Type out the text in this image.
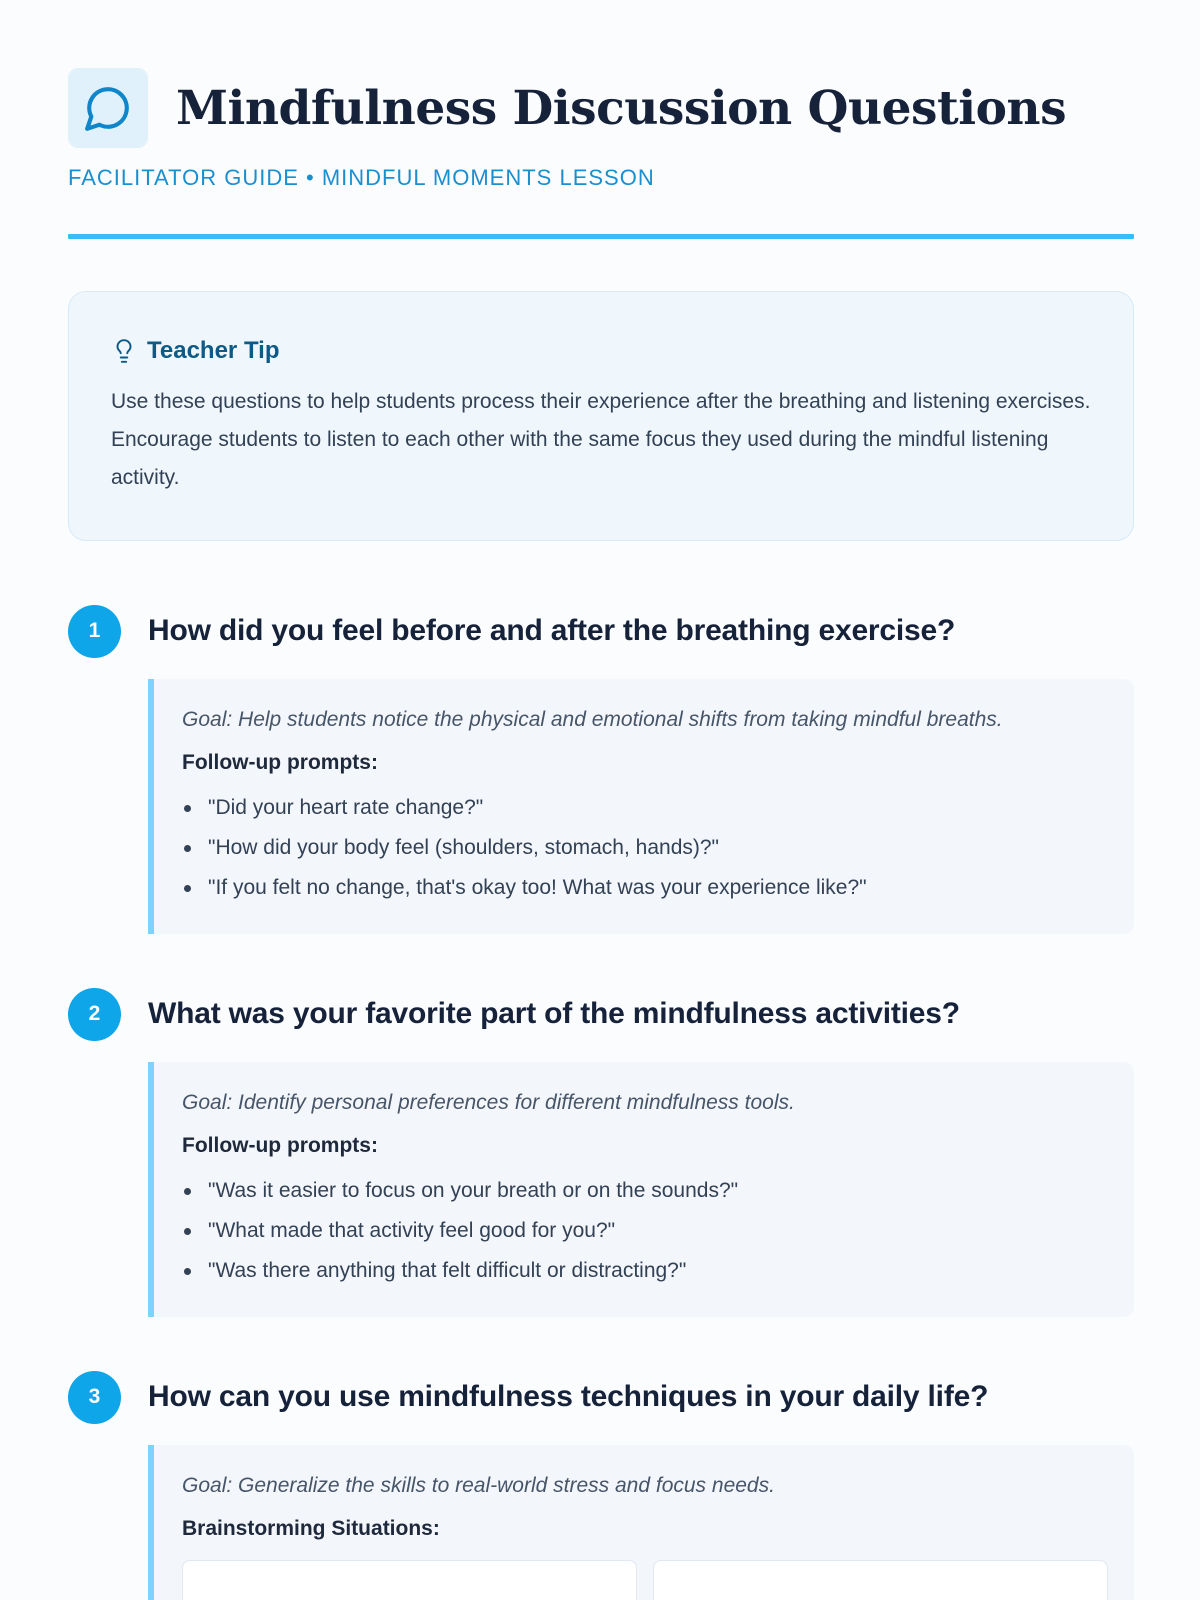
Mindfulness Discussion Questions
FACILITATOR GUIDE • MINDFUL MOMENTS LESSON
Teacher Tip

Use these questions to help students process their experience after the breathing and listening exercises. Encourage students to listen to each other with the same focus they used during the mindful listening activity.

1	How did you feel before and after the breathing exercise?

Goal: Help students notice the physical and emotional shifts from taking mindful breaths.

Follow-up prompts:

"Did your heart rate change?"
"How did your body feel (shoulders, stomach, hands)?"
"If you felt no change, that's okay too! What was your experience like?"
2	What was your favorite part of the mindfulness activities?

Goal: Identify personal preferences for different mindfulness tools.

Follow-up prompts:

"Was it easier to focus on your breath or on the sounds?"
"What made that activity feel good for you?"
"Was there anything that felt difficult or distracting?"
3	How can you use mindfulness techniques in your daily life?

Goal: Generalize the skills to real-world stress and focus needs.

Brainstorming Situations:
